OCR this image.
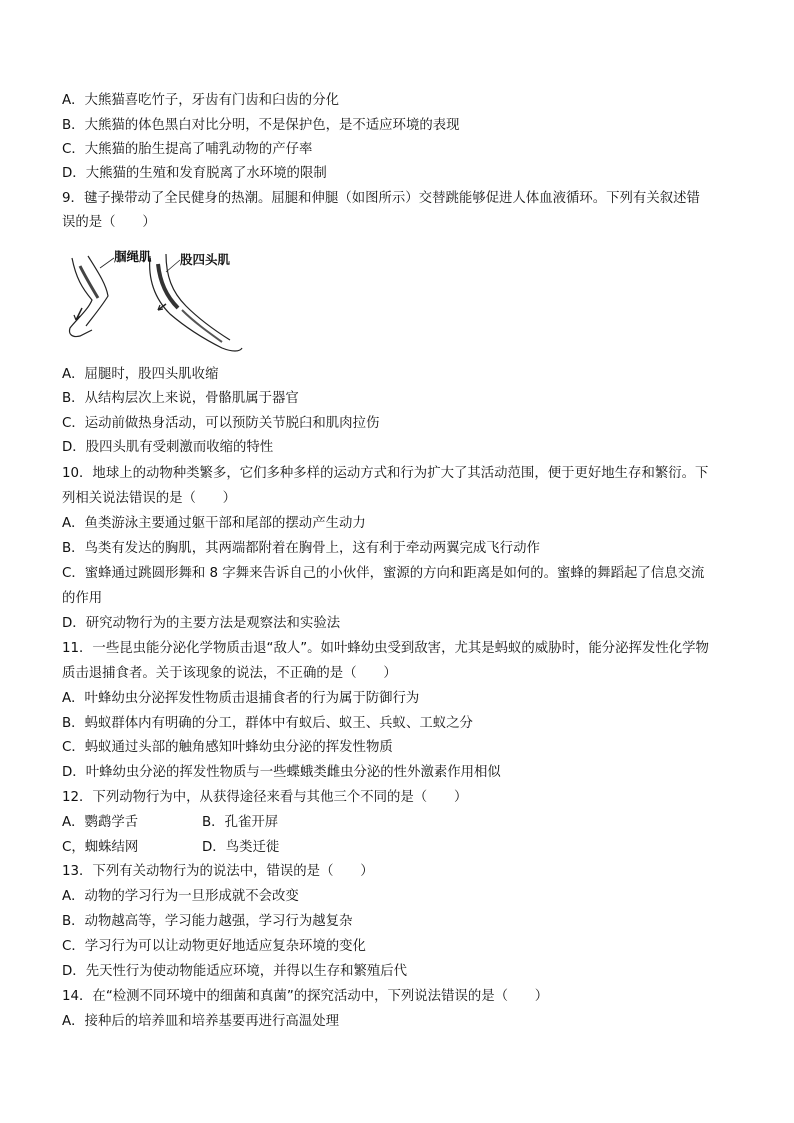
A．大熊猫喜吃竹子，牙齿有门齿和臼齿的分化
B．大熊猫的体色黑白对比分明，不是保护色，是不适应环境的表现
C．大熊猫的胎生提高了哺乳动物的产仔率
D．大熊猫的生殖和发育脱离了水环境的限制
9．毽子操带动了全民健身的热潮。屈腿和伸腿（如图所示）交替跳能够促进人体血液循环。下列有关叙述错
误的是（　　）
腘绳肌 股四头肌
A．屈腿时，股四头肌收缩
B．从结构层次上来说，骨骼肌属于器官
C．运动前做热身活动，可以预防关节脱臼和肌肉拉伤
D．股四头肌有受刺激而收缩的特性
10．地球上的动物种类繁多，它们多种多样的运动方式和行为扩大了其活动范围，便于更好地生存和繁衍。下
列相关说法错误的是（　　）
A．鱼类游泳主要通过躯干部和尾部的摆动产生动力
B．鸟类有发达的胸肌，其两端都附着在胸骨上，这有利于牵动两翼完成飞行动作
C．蜜蜂通过跳圆形舞和 8 字舞来告诉自己的小伙伴，蜜源的方向和距离是如何的。蜜蜂的舞蹈起了信息交流
的作用
D．研究动物行为的主要方法是观察法和实验法
11．一些昆虫能分泌化学物质击退“敌人”。如叶蜂幼虫受到敌害，尤其是蚂蚁的威胁时，能分泌挥发性化学物
质击退捕食者。关于该现象的说法，不正确的是（　　）
A．叶蜂幼虫分泌挥发性物质击退捕食者的行为属于防御行为
B．蚂蚁群体内有明确的分工，群体中有蚁后、蚁王、兵蚁、工蚁之分
C．蚂蚁通过头部的触角感知叶蜂幼虫分泌的挥发性物质
D．叶蜂幼虫分泌的挥发性物质与一些蝶蛾类雌虫分泌的性外激素作用相似
12．下列动物行为中，从获得途径来看与其他三个不同的是（　　）
A．鹦鹉学舌	B．孔雀开屏
C，蜘蛛结网	D．鸟类迁徙
13．下列有关动物行为的说法中，错误的是（　　）
A．动物的学习行为一旦形成就不会改变
B．动物越高等，学习能力越强，学习行为越复杂
C．学习行为可以让动物更好地适应复杂环境的变化
D．先天性行为使动物能适应环境，并得以生存和繁殖后代
14．在“检测不同环境中的细菌和真菌”的探究活动中，下列说法错误的是（　　）
A．接种后的培养皿和培养基要再进行高温处理
